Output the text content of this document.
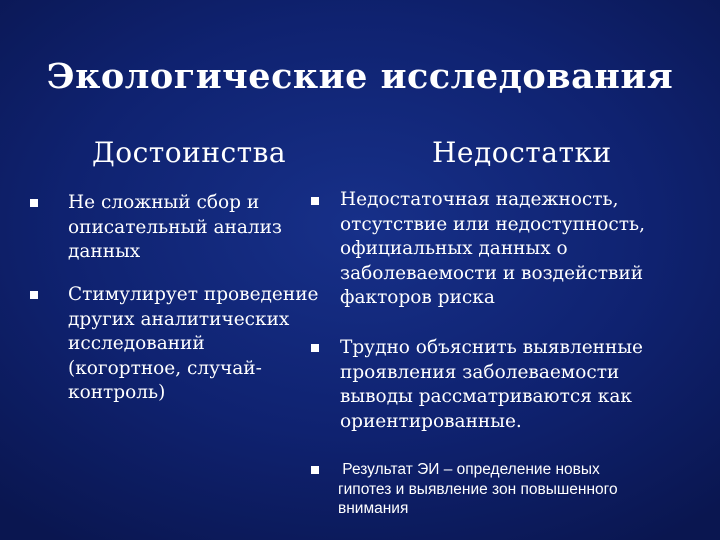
Экологические исследования
Достоинства	Недостатки
Не сложный сбор и
описательный анализ
данных
Стимулирует проведение
других аналитических
исследований
(когортное, случай-
контроль)
Недостаточная надежность,
отсутствие или недоступность,
официальных данных о
заболеваемости и воздействий
факторов риска
Трудно объяснить выявленные
проявления заболеваемости
выводы рассматриваются как
ориентированные.
Результат ЭИ – определение новых
гипотез и выявление зон повышенного
внимания
